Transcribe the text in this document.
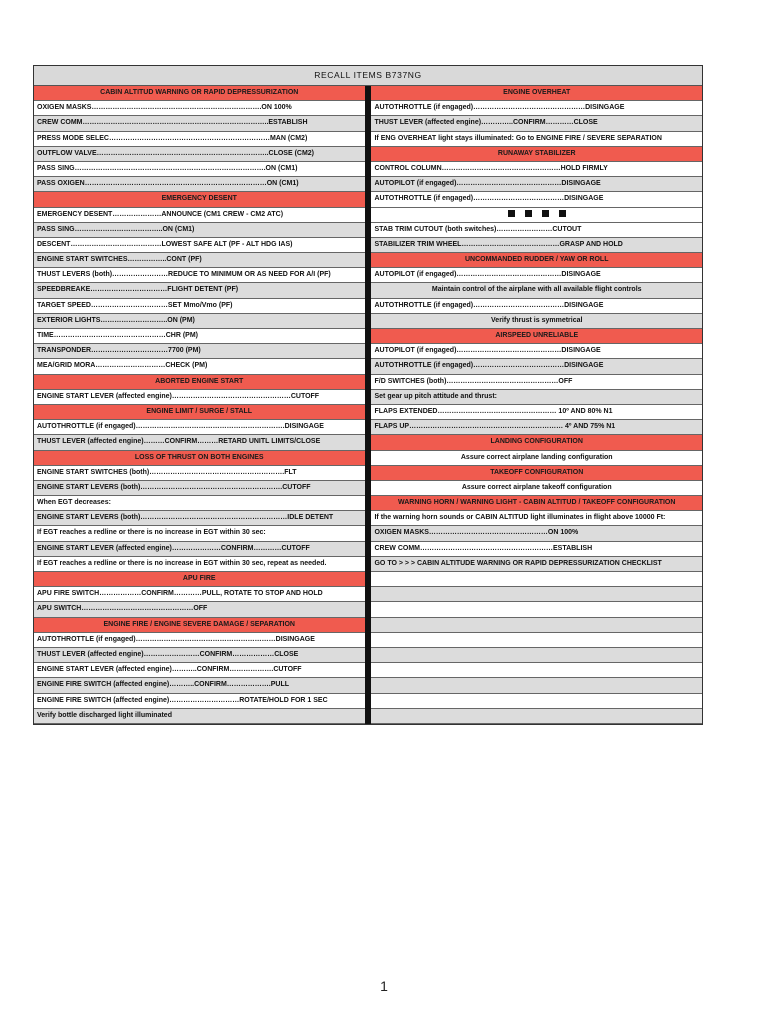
RECALL ITEMS B737NG
CABIN ALTITUD WARNING OR RAPID DEPRESSURIZATION
OXIGEN MASKS……………………………………………………………….ON 100%
CREW COMM……………………………………………………………………..ESTABLISH
PRESS MODE SELEC……………………………………………………………MAN (CM2)
OUTFLOW VALVE………………………………………………………………..CLOSE (CM2)
PASS SING……………………………………………………………………….ON (CM1)
PASS OXIGEN……………………………………………………………………ON (CM1)
EMERGENCY DESENT
EMERGENCY DESENT…………………ANNOUNCE (CM1 CREW - CM2 ATC)
PASS SING………………………………..ON (CM1)
DESCENT…………………………………LOWEST SAFE ALT (PF - ALT HDG IAS)
ENGINE START SWITCHES……………..CONT (PF)
THUST LEVERS (both)……………………REDUCE TO MINIMUM OR AS NEED FOR A/I (PF)
SPEEDBREAKE……………………………FLIGHT DETENT (PF)
TARGET SPEED……………………………SET Mmo/Vmo (PF)
EXTERIOR LIGHTS………………………..ON (PM)
TIME…………………………………………CHR (PM)
TRANSPONDER……………………………7700 (PM)
MEA/GRID MORA…………………………CHECK (PM)
ABORTED ENGINE START
ENGINE START LEVER (affected engine)……………………………………………CUTOFF
ENGINE LIMIT / SURGE / STALL
AUTOTHROTTLE (if engaged)……………………………………………………….DISINGAGE
THUST LEVER (affected engine)………CONFIRM………RETARD UNITL LIMITS/CLOSE
LOSS OF THRUST ON BOTH ENGINES
ENGINE START SWITCHES (both)………………………………………………….FLT
ENGINE START LEVERS (both)…………………………………………………….CUTOFF
When EGT decreases:
ENGINE START LEVERS (both)………………………………………………………IDLE DETENT
If EGT reaches a redline or there is no increase in EGT within 30 sec:
ENGINE START LEVER (affected engine)…………………CONFIRM…………CUTOFF
If EGT reaches a redline or there is no increase in EGT within 30 sec, repeat as needed.
APU FIRE
APU FIRE SWITCH………………CONFIRM…………PULL, ROTATE TO STOP AND HOLD
APU SWITCH…………………………………………OFF
ENGINE FIRE / ENGINE SEVERE DAMAGE / SEPARATION
AUTOTHROTTLE (if engaged)……………………………………………………DISINGAGE
THUST LEVER (affected engine)……………………CONFIRM………………CLOSE
ENGINE START LEVER (affected engine)………..CONFIRM……………….CUTOFF
ENGINE FIRE SWITCH (affected engine)………..CONFIRM……………….PULL
ENGINE FIRE SWITCH (affected engine)…………………………ROTATE/HOLD FOR 1 SEC
Verify bottle discharged light illuminated
ENGINE OVERHEAT
AUTOTHROTTLE (if engaged)…………………………………………DISINGAGE
THUST LEVER (affected engine)…………..CONFIRM…………CLOSE
If ENG OVERHEAT light stays illuminated: Go to ENGINE FIRE / SEVERE SEPARATION
RUNAWAY STABILIZER
CONTROL COLUMN……………………………………………HOLD FIRMLY
AUTOPILOT (if engaged)………………………………………DISINGAGE
AUTOTHROTTLE (if engaged)…………………………………DISINGAGE
STAB TRIM CUTOUT (both switches)……………………CUTOUT
STABILIZER TRIM WHEEL……………………………………GRASP AND HOLD
UNCOMMANDED RUDDER / YAW OR ROLL
AUTOPILOT (if engaged)………………………………………DISINGAGE
Maintain control of the airplane with all available flight controls
AUTOTHROTTLE (if engaged)…………………………………DISINGAGE
Verify thrust is symmetrical
AIRSPEED UNRELIABLE
AUTOPILOT (if engaged)………………………………………DISINGAGE
AUTOTHROTTLE (if engaged)…………………………………DISINGAGE
F/D SWITCHES (both)…………………………………………OFF
Set gear up pitch attitude and thrust:
FLAPS EXTENDED…………………………………………… 10º AND 80% N1
FLAPS UP………………………………………………………… 4º AND 75% N1
LANDING CONFIGURATION
Assure correct airplane landing configuration
TAKEOFF CONFIGURATION
Assure correct airplane takeoff configuration
WARNING HORN / WARNING LIGHT - CABIN ALTITUD / TAKEOFF CONFIGURATION
If the warning horn sounds or CABIN ALTITUD light illuminates in flight above 10000 Ft:
OXIGEN MASKS……………………………………………ON 100%
CREW COMM…………………………………………………ESTABLISH
GO TO > > > CABIN ALTITUDE WARNING OR RAPID DEPRESSURIZATION CHECKLIST
1
